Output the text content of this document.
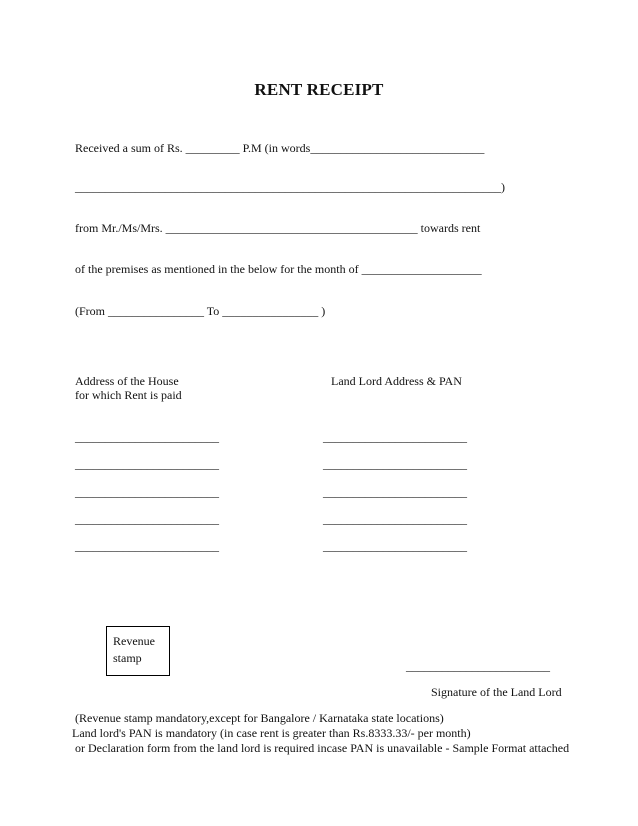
RENT RECEIPT
Received a sum of Rs. _________ P.M (in words_____________________________
_______________________________________________________________________)
from Mr./Ms/Mrs. __________________________________________ towards rent
of the premises as mentioned in the below for the month of ____________________
(From ________________ To ________________ )
Address of the House
for which Rent is paid
Land Lord Address & PAN
________________________
________________________
________________________
________________________
________________________
________________________
________________________
________________________
________________________
________________________
Revenue
stamp
________________________
Signature of the Land Lord
(Revenue stamp mandatory,except for Bangalore / Karnataka state locations)
Land lord's PAN is mandatory (in case rent is greater than Rs.8333.33/- per month)
or Declaration form from the land lord is required incase PAN is unavailable - Sample Format attached
